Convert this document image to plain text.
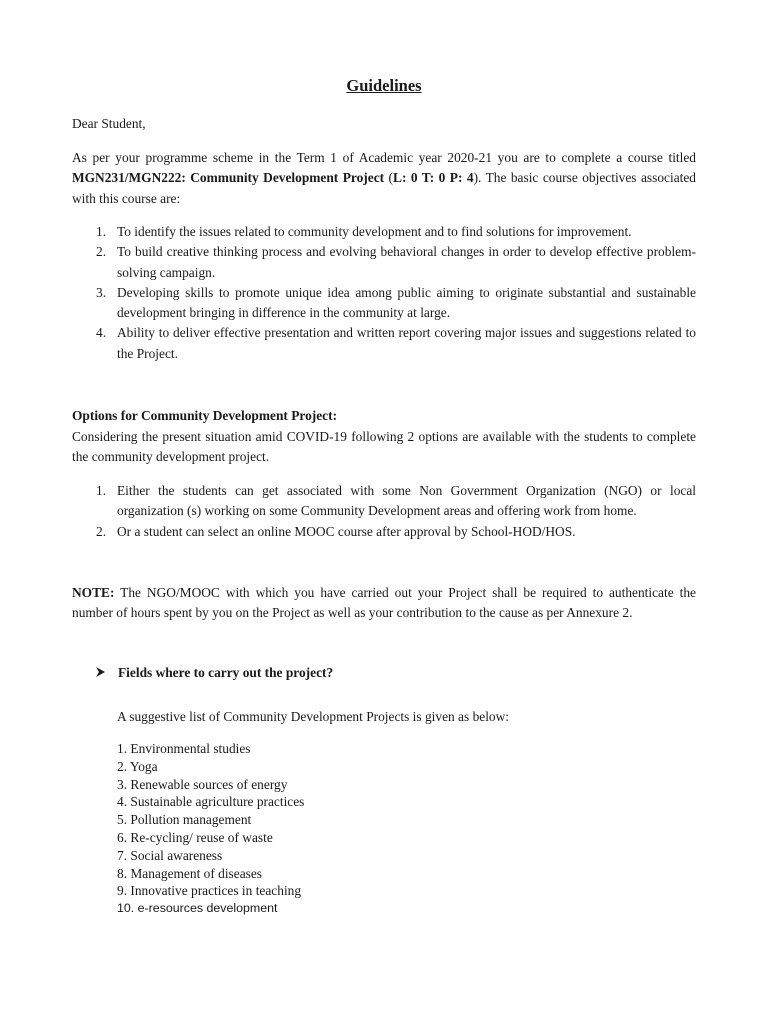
Guidelines
Dear Student,
As per your programme scheme in the Term 1 of Academic year 2020-21 you are to complete a course titled MGN231/MGN222: Community Development Project (L: 0 T: 0 P: 4). The basic course objectives associated with this course are:
1. To identify the issues related to community development and to find solutions for improvement.
2. To build creative thinking process and evolving behavioral changes in order to develop effective problem-solving campaign.
3. Developing skills to promote unique idea among public aiming to originate substantial and sustainable development bringing in difference in the community at large.
4. Ability to deliver effective presentation and written report covering major issues and suggestions related to the Project.
Options for Community Development Project:
Considering the present situation amid COVID-19 following 2 options are available with the students to complete the community development project.
1. Either the students can get associated with some Non Government Organization (NGO) or local organization (s) working on some Community Development areas and offering work from home.
2. Or a student can select an online MOOC course after approval by School-HOD/HOS.
NOTE: The NGO/MOOC with which you have carried out your Project shall be required to authenticate the number of hours spent by you on the Project as well as your contribution to the cause as per Annexure 2.
Fields where to carry out the project?
A suggestive list of Community Development Projects is given as below:
1. Environmental studies
2. Yoga
3. Renewable sources of energy
4. Sustainable agriculture practices
5. Pollution management
6. Re-cycling/ reuse of waste
7. Social awareness
8. Management of diseases
9. Innovative practices in teaching
10. e-resources development
